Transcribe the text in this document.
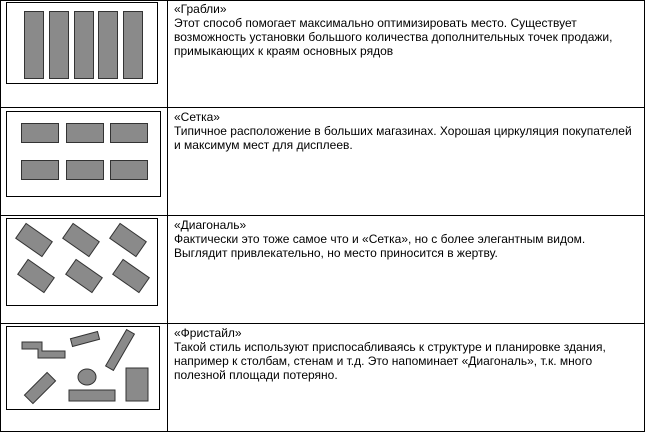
«Грабли»
Этот способ помогает максимально оптимизировать место. Существует возможность установки большого количества дополнительных точек продажи, примыкающих к краям основных рядов
«Сетка»
Типичное расположение в больших магазинах. Хорошая циркуляция покупателей и максимум мест для дисплеев.
«Диагональ»
Фактически это тоже самое что и «Сетка», но с более элегантным видом. Выглядит привлекательно, но место приносится в жертву.
«Фристайл»
Такой стиль используют приспосабливаясь к структуре и планировке здания, например к столбам, стенам и т.д. Это напоминает «Диагональ», т.к. много полезной площади потеряно.
